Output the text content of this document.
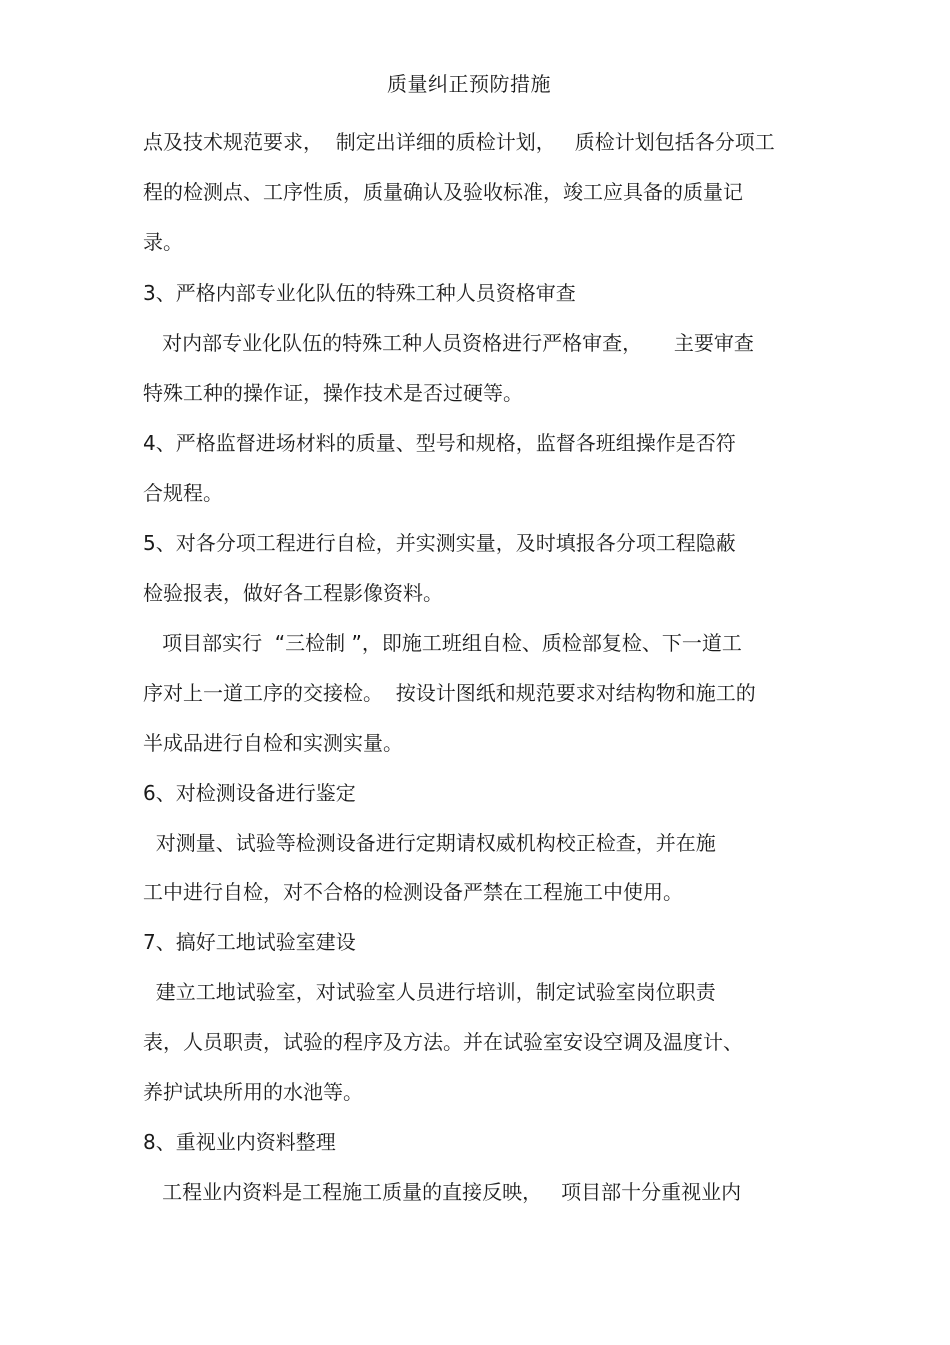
质量纠正预防措施
点及技术规范要求，  制定出详细的质检计划，   质检计划包括各分项工
程的检测点、工序性质，质量确认及验收标准，竣工应具备的质量记
录。
3、严格内部专业化队伍的特殊工种人员资格审查
对内部专业化队伍的特殊工种人员资格进行严格审查，     主要审查
特殊工种的操作证，操作技术是否过硬等。
4、严格监督进场材料的质量、型号和规格，监督各班组操作是否符
合规程。
5、对各分项工程进行自检，并实测实量，及时填报各分项工程隐蔽
检验报表，做好各工程影像资料。
项目部实行  “三检制 ”，即施工班组自检、质检部复检、下一道工
序对上一道工序的交接检。  按设计图纸和规范要求对结构物和施工的
半成品进行自检和实测实量。
6、对检测设备进行鉴定
对测量、试验等检测设备进行定期请权威机构校正检查，并在施
工中进行自检，对不合格的检测设备严禁在工程施工中使用。
7、搞好工地试验室建设
建立工地试验室，对试验室人员进行培训，制定试验室岗位职责
表，人员职责，试验的程序及方法。并在试验室安设空调及温度计、
养护试块所用的水池等。
8、重视业内资料整理
工程业内资料是工程施工质量的直接反映，   项目部十分重视业内
